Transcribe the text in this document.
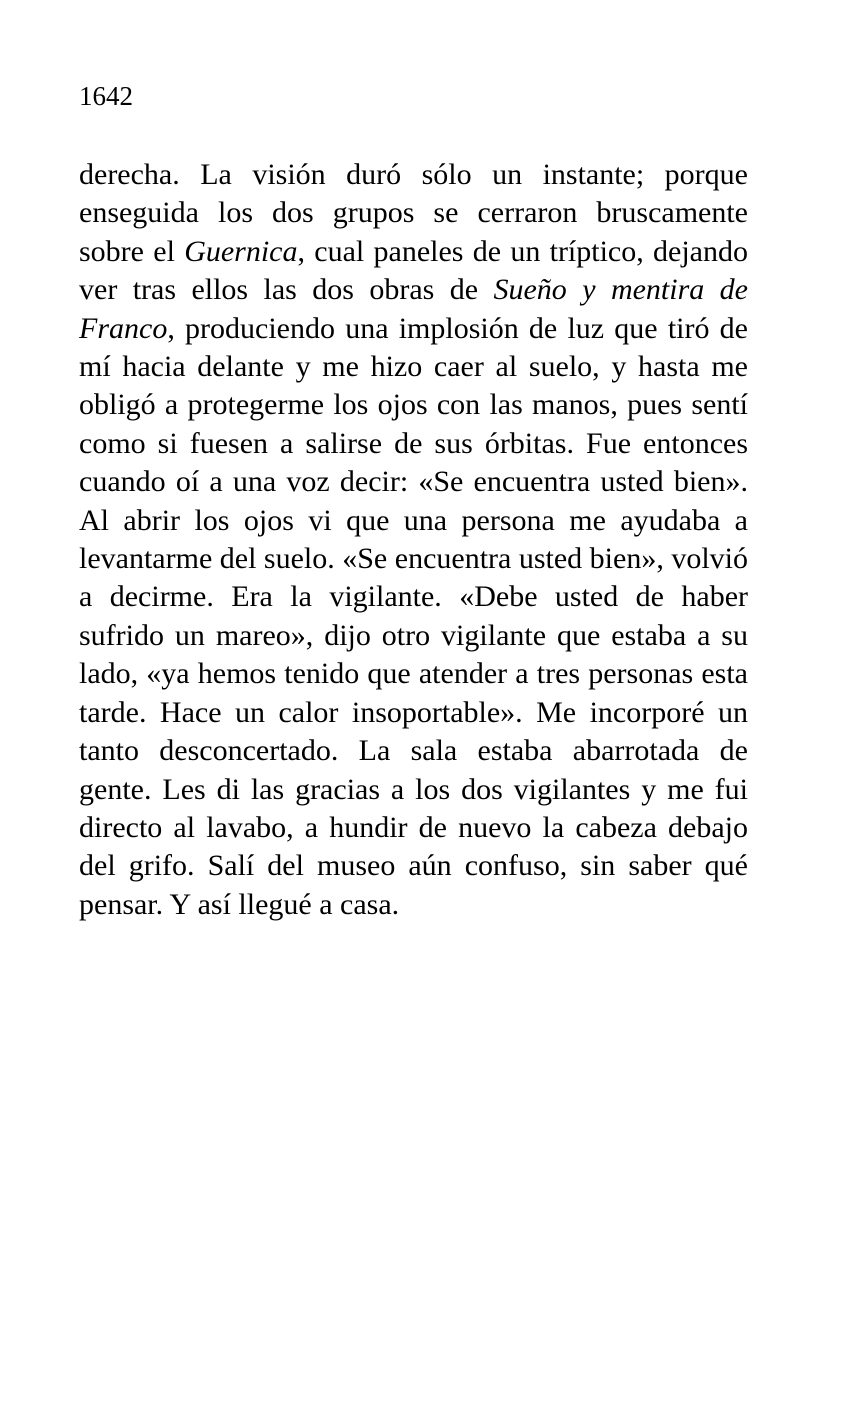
1642

derecha. La visión duró sólo un instante; porque enseguida los dos grupos se cerraron bruscamente sobre el Guernica, cual paneles de un tríptico, dejando ver tras ellos las dos obras de Sueño y mentira de Franco, produciendo una implosión de luz que tiró de mí hacia delante y me hizo caer al suelo, y hasta me obligó a protegerme los ojos con las manos, pues sentí como si fuesen a salirse de sus órbitas. Fue entonces cuando oí a una voz decir: «Se encuentra usted bien». Al abrir los ojos vi que una persona me ayudaba a levantarme del suelo. «Se encuentra usted bien», volvió a decirme. Era la vigilante. «Debe usted de haber sufrido un mareo», dijo otro vigilante que estaba a su lado, «ya hemos tenido que atender a tres personas esta tarde. Hace un calor insoportable». Me incorporé un tanto desconcertado. La sala estaba abarrotada de gente. Les di las gracias a los dos vigilantes y me fui directo al lavabo, a hundir de nuevo la cabeza debajo del grifo. Salí del museo aún confuso, sin saber qué pensar. Y así llegué a casa.
